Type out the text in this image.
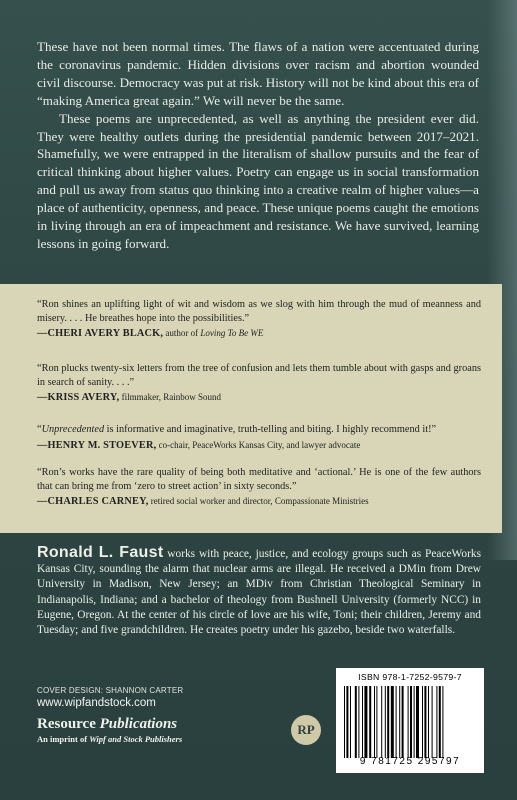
These have not been normal times. The flaws of a nation were accentuated during the coronavirus pandemic. Hidden divisions over racism and abortion wounded civil discourse. Democracy was put at risk. History will not be kind about this era of “making America great again.” We will never be the same.

These poems are unprecedented, as well as anything the president ever did. They were healthy outlets during the presidential pandemic between 2017–2021. Shamefully, we were entrapped in the literalism of shallow pursuits and the fear of critical thinking about higher values. Poetry can engage us in social transformation and pull us away from status quo thinking into a creative realm of higher values—a place of authenticity, openness, and peace. These unique poems caught the emotions in living through an era of impeachment and resistance. We have survived, learning lessons in going forward.

“Ron shines an uplifting light of wit and wisdom as we slog with him through the mud of meanness and misery. . . . He breathes hope into the possibilities.”
—CHERI AVERY BLACK, author of Loving To Be WE
“Ron plucks twenty-six letters from the tree of confusion and lets them tumble about with gasps and groans in search of sanity. . . .”
—KRISS AVERY, filmmaker, Rainbow Sound
“Unprecedented is informative and imaginative, truth-telling and biting. I highly recommend it!”
—HENRY M. STOEVER, co-chair, PeaceWorks Kansas City, and lawyer advocate
“Ron’s works have the rare quality of being both meditative and ‘actional.’ He is one of the few authors that can bring me from ‘zero to street action’ in sixty seconds.”
—CHARLES CARNEY, retired social worker and director, Compassionate Ministries
Ronald L. Faust works with peace, justice, and ecology groups such as PeaceWorks Kansas City, sounding the alarm that nuclear arms are illegal. He received a DMin from Drew University in Madison, New Jersey; an MDiv from Christian Theological Seminary in Indianapolis, Indiana; and a bachelor of theology from Bushnell University (formerly NCC) in Eugene, Oregon. At the center of his circle of love are his wife, Toni; their children, Jeremy and Tuesday; and five grandchildren. He creates poetry under his gazebo, beside two waterfalls.
COVER DESIGN: SHANNON CARTER
www.wipfandstock.com
Resource Publications
An imprint of Wipf and Stock Publishers
RP
ISBN 978-1-7252-9579-7
9 781725 295797
